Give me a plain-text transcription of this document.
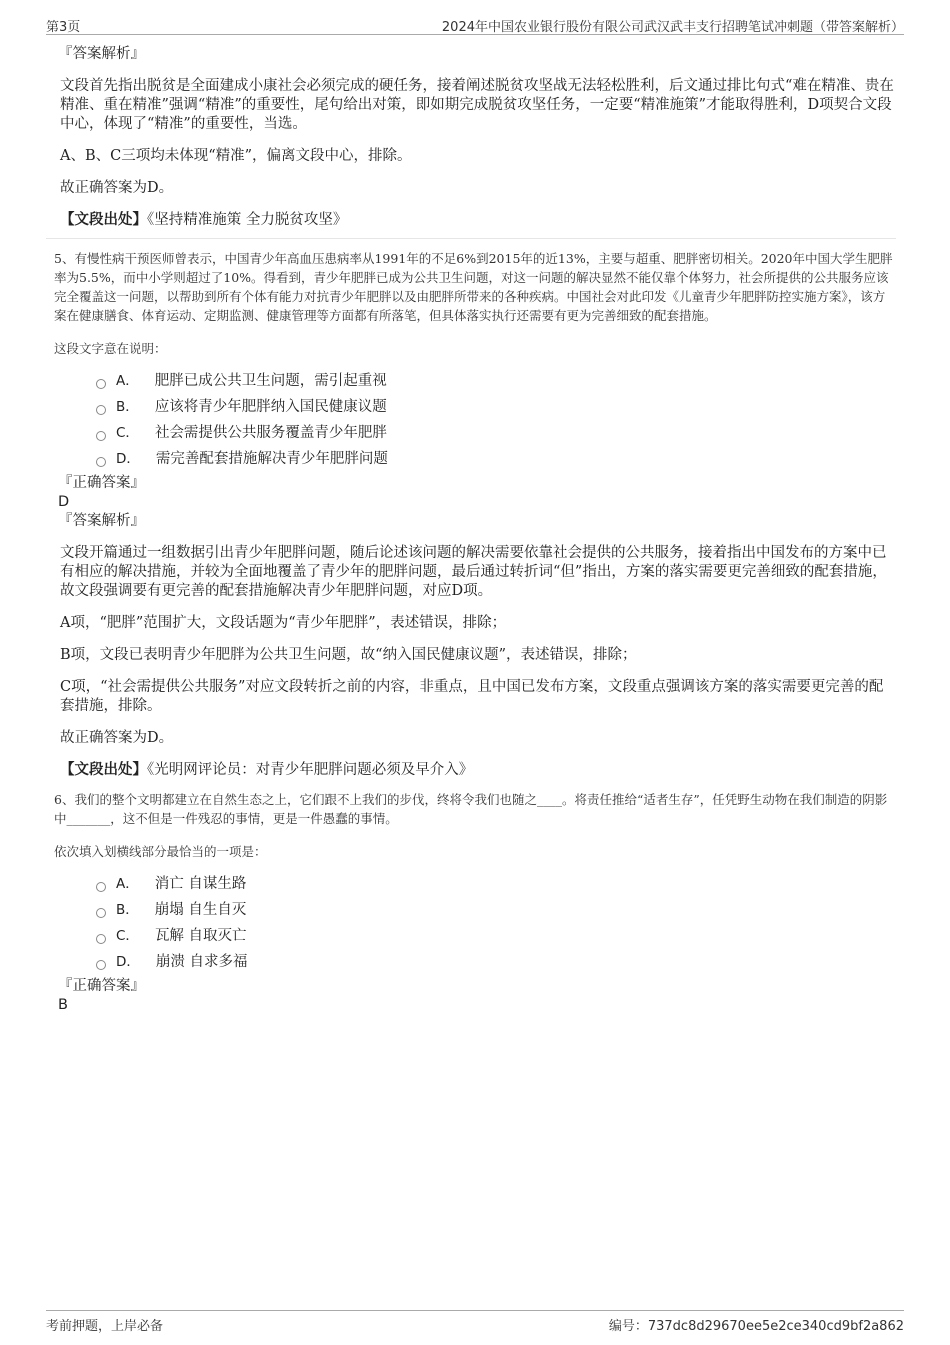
第3页	2024年中国农业银行股份有限公司武汉武丰支行招聘笔试冲刺题（带答案解析）
『答案解析』
文段首先指出脱贫是全面建成小康社会必须完成的硬任务，接着阐述脱贫攻坚战无法轻松胜利，后文通过排比句式“难在精准、贵在精准、重在精准”强调“精准”的重要性，尾句给出对策，即如期完成脱贫攻坚任务，一定要“精准施策”才能取得胜利，D项契合文段中心，体现了“精准”的重要性，当选。
A、B、C三项均未体现“精准”，偏离文段中心，排除。
故正确答案为D。
【文段出处】《坚持精准施策 全力脱贫攻坚》
5、有慢性病干预医师曾表示，中国青少年高血压患病率从1991年的不足6%到2015年的近13%，主要与超重、肥胖密切相关。2020年中国大学生肥胖率为5.5%，而中小学则超过了10%。得看到，青少年肥胖已成为公共卫生问题，对这一问题的解决显然不能仅靠个体努力，社会所提供的公共服务应该完全覆盖这一问题，以帮助到所有个体有能力对抗青少年肥胖以及由肥胖所带来的各种疾病。中国社会对此印发《儿童青少年肥胖防控实施方案》，该方案在健康膳食、体育运动、定期监测、健康管理等方面都有所落笔，但具体落实执行还需要有更为完善细致的配套措施。
这段文字意在说明：
A． 肥胖已成公共卫生问题，需引起重视
B． 应该将青少年肥胖纳入国民健康议题
C． 社会需提供公共服务覆盖青少年肥胖
D． 需完善配套措施解决青少年肥胖问题
『正确答案』
D
『答案解析』
文段开篇通过一组数据引出青少年肥胖问题，随后论述该问题的解决需要依靠社会提供的公共服务，接着指出中国发布的方案中已有相应的解决措施，并较为全面地覆盖了青少年的肥胖问题，最后通过转折词“但”指出，方案的落实需要更完善细致的配套措施，故文段强调要有更完善的配套措施解决青少年肥胖问题，对应D项。
A项，“肥胖”范围扩大，文段话题为“青少年肥胖”，表述错误，排除；
B项，文段已表明青少年肥胖为公共卫生问题，故“纳入国民健康议题”，表述错误，排除；
C项，“社会需提供公共服务”对应文段转折之前的内容，非重点，且中国已发布方案，文段重点强调该方案的落实需要更完善的配套措施，排除。
故正确答案为D。
【文段出处】《光明网评论员：对青少年肥胖问题必须及早介入》
6、我们的整个文明都建立在自然生态之上，它们跟不上我们的步伐，终将令我们也随之____。将责任推给“适者生存”，任凭野生动物在我们制造的阴影中_______，这不但是一件残忍的事情，更是一件愚蠢的事情。
依次填入划横线部分最恰当的一项是：
A． 消亡 自谋生路
B． 崩塌 自生自灭
C． 瓦解 自取灭亡
D． 崩溃 自求多福
『正确答案』
B
考前押题，上岸必备	编号：737dc8d29670ee5e2ce340cd9bf2a862
